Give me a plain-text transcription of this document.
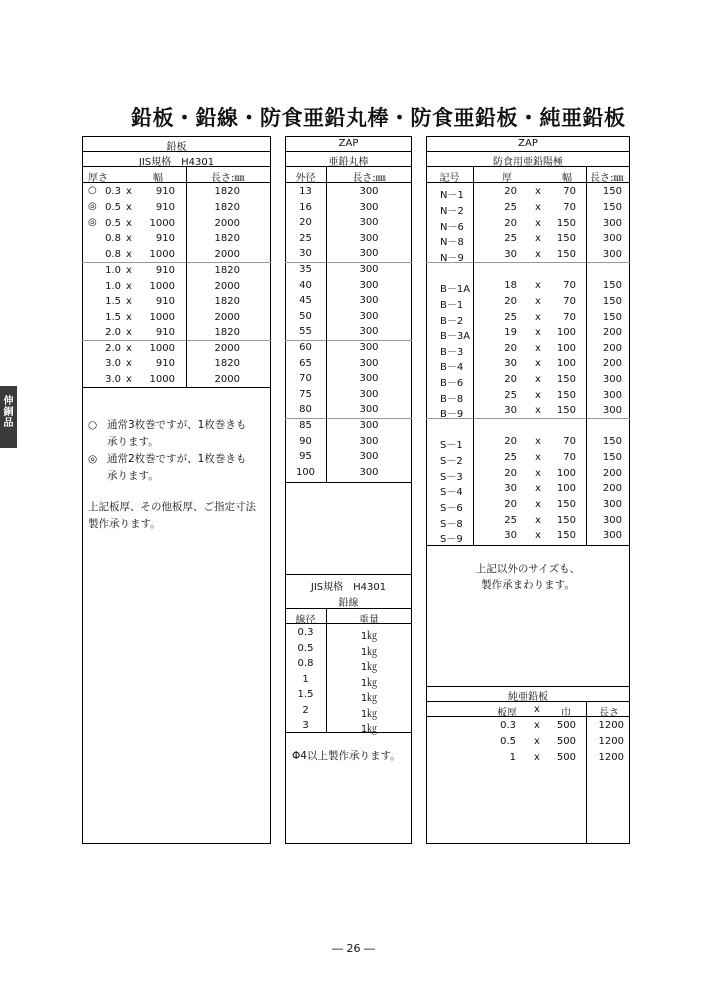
鉛板・鉛線・防食亜鉛丸棒・防食亜鉛板・純亜鉛板
伸
銅
品
鉛板
JIS規格　H4301
厚さ	幅	長さ:㎜
○ 0.3 x	910	1820
◎ 0.5 x	910	1820
◎ 0.5 x	1000	2000
0.8 x	910	1820
0.8 x	1000	2000
1.0 x	910	1820
1.0 x	1000	2000
1.5 x	910	1820
1.5 x	1000	2000
2.0 x	910	1820
2.0 x	1000	2000
3.0 x	910	1820
3.0 x	1000	2000
○ 通常3枚巻ですが、1枚巻きも
承ります。
◎ 通常2枚巻ですが、1枚巻きも
承ります。
上記板厚、その他板厚、ご指定寸法
製作承ります。
ZAP
亜鉛丸棒
外径	長さ:㎜
13	300
16	300
20	300
25	300
30	300
35	300
40	300
45	300
50	300
55	300
60	300
65	300
70	300
75	300
80	300
85	300
90	300
95	300
100	300
JIS規格　H4301
鉛線
線径	重量
0.3	1㎏
0.5	1㎏
0.8	1㎏
1	1㎏
1.5	1㎏
2	1㎏
3	1㎏
Φ4以上製作承ります。
ZAP
防食用亜鉛陽極
記号	厚	幅 長さ:㎜
N－1	20 x	70	150
N－2	25 x	70	150
N－6	20 x 150	300
N－8	25 x 150	300
N－9	30 x 150	300
B－1A	18 x	70	150
B－1	20 x	70	150
B－2	25 x	70	150
B－3A	19 x 100	200
B－3	20 x 100	200
B－4	30 x 100	200
B－6	20 x 150	300
B－8	25 x 150	300
B－9	30 x 150	300
S－1	20 x	70	150
S－2	25 x	70	150
S－3	20 x 100	200
S－4	30 x 100	200
S－6	20 x 150	300
S－8	25 x 150	300
S－9	30 x 150	300
上記以外のサイズも、
製作承まわります。
純亜鉛板
板厚 x 巾	長さ
0.3 x	500 1200
0.5 x	500 1200
1 x	500 1200
― 26 ―
